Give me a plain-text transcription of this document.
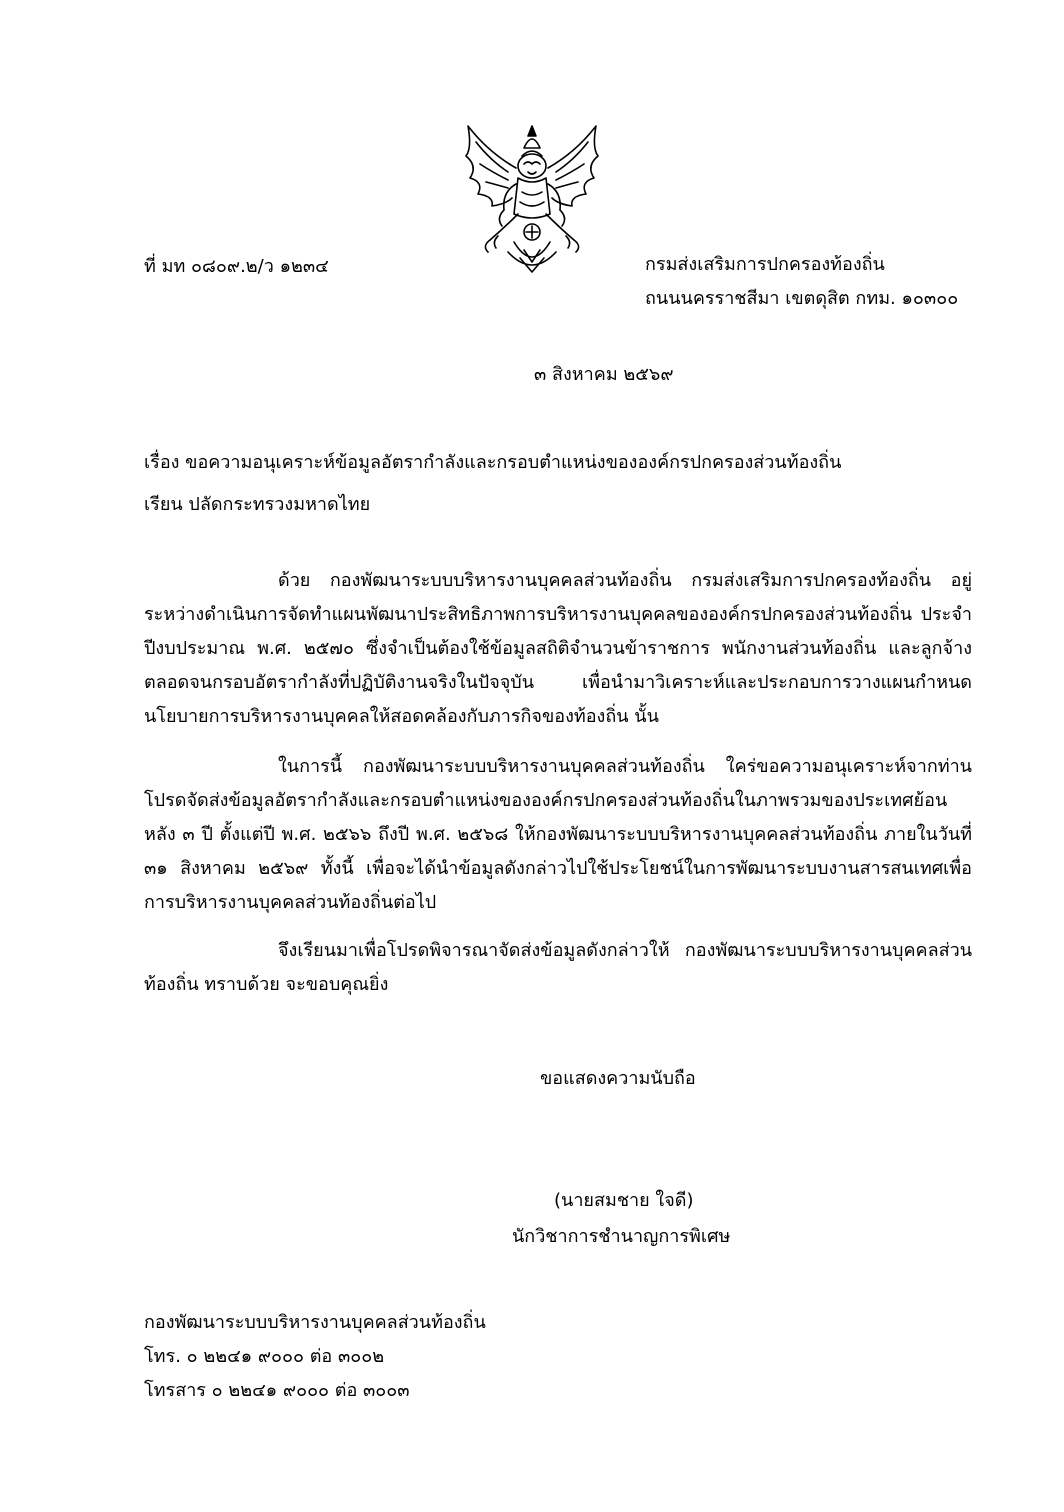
ที่ มท ๐๘๐๙.๒/ว ๑๒๓๔	กรมส่งเสริมการปกครองท้องถิ่น
ถนนนครราชสีมา เขตดุสิต กทม. ๑๐๓๐๐
๓ สิงหาคม ๒๕๖๙
เรื่อง ขอความอนุเคราะห์ข้อมูลอัตรากำลังและกรอบตำแหน่งขององค์กรปกครองส่วนท้องถิ่น
เรียน ปลัดกระทรวงมหาดไทย
ด้วย กองพัฒนาระบบบริหารงานบุคคลส่วนท้องถิ่น กรมส่งเสริมการปกครองท้องถิ่น อยู่ระหว่างดำเนินการจัดทำแผนพัฒนาประสิทธิภาพการบริหารงานบุคคลขององค์กรปกครองส่วนท้องถิ่น ประจำปีงบประมาณ พ.ศ. ๒๕๗๐ ซึ่งจำเป็นต้องใช้ข้อมูลสถิติจำนวนข้าราชการ พนักงานส่วนท้องถิ่น และลูกจ้าง ตลอดจนกรอบอัตรากำลังที่ปฏิบัติงานจริงในปัจจุบัน เพื่อนำมาวิเคราะห์และประกอบการวางแผนกำหนดนโยบายการบริหารงานบุคคลให้สอดคล้องกับภารกิจของท้องถิ่น นั้น
ในการนี้ กองพัฒนาระบบบริหารงานบุคคลส่วนท้องถิ่น ใคร่ขอความอนุเคราะห์จากท่านโปรดจัดส่งข้อมูลอัตรากำลังและกรอบตำแหน่งขององค์กรปกครองส่วนท้องถิ่นในภาพรวมของประเทศย้อนหลัง ๓ ปี ตั้งแต่ปี พ.ศ. ๒๕๖๖ ถึงปี พ.ศ. ๒๕๖๘ ให้กองพัฒนาระบบบริหารงานบุคคลส่วนท้องถิ่น ภายในวันที่ ๓๑ สิงหาคม ๒๕๖๙ ทั้งนี้ เพื่อจะได้นำข้อมูลดังกล่าวไปใช้ประโยชน์ในการพัฒนาระบบงานสารสนเทศเพื่อการบริหารงานบุคคลส่วนท้องถิ่นต่อไป
จึงเรียนมาเพื่อโปรดพิจารณาจัดส่งข้อมูลดังกล่าวให้ กองพัฒนาระบบบริหารงานบุคคลส่วนท้องถิ่น ทราบด้วย จะขอบคุณยิ่ง
ขอแสดงความนับถือ
(นายสมชาย ใจดี)
นักวิชาการชำนาญการพิเศษ
กองพัฒนาระบบบริหารงานบุคคลส่วนท้องถิ่น
โทร. ๐ ๒๒๔๑ ๙๐๐๐ ต่อ ๓๐๐๒
โทรสาร ๐ ๒๒๔๑ ๙๐๐๐ ต่อ ๓๐๐๓
